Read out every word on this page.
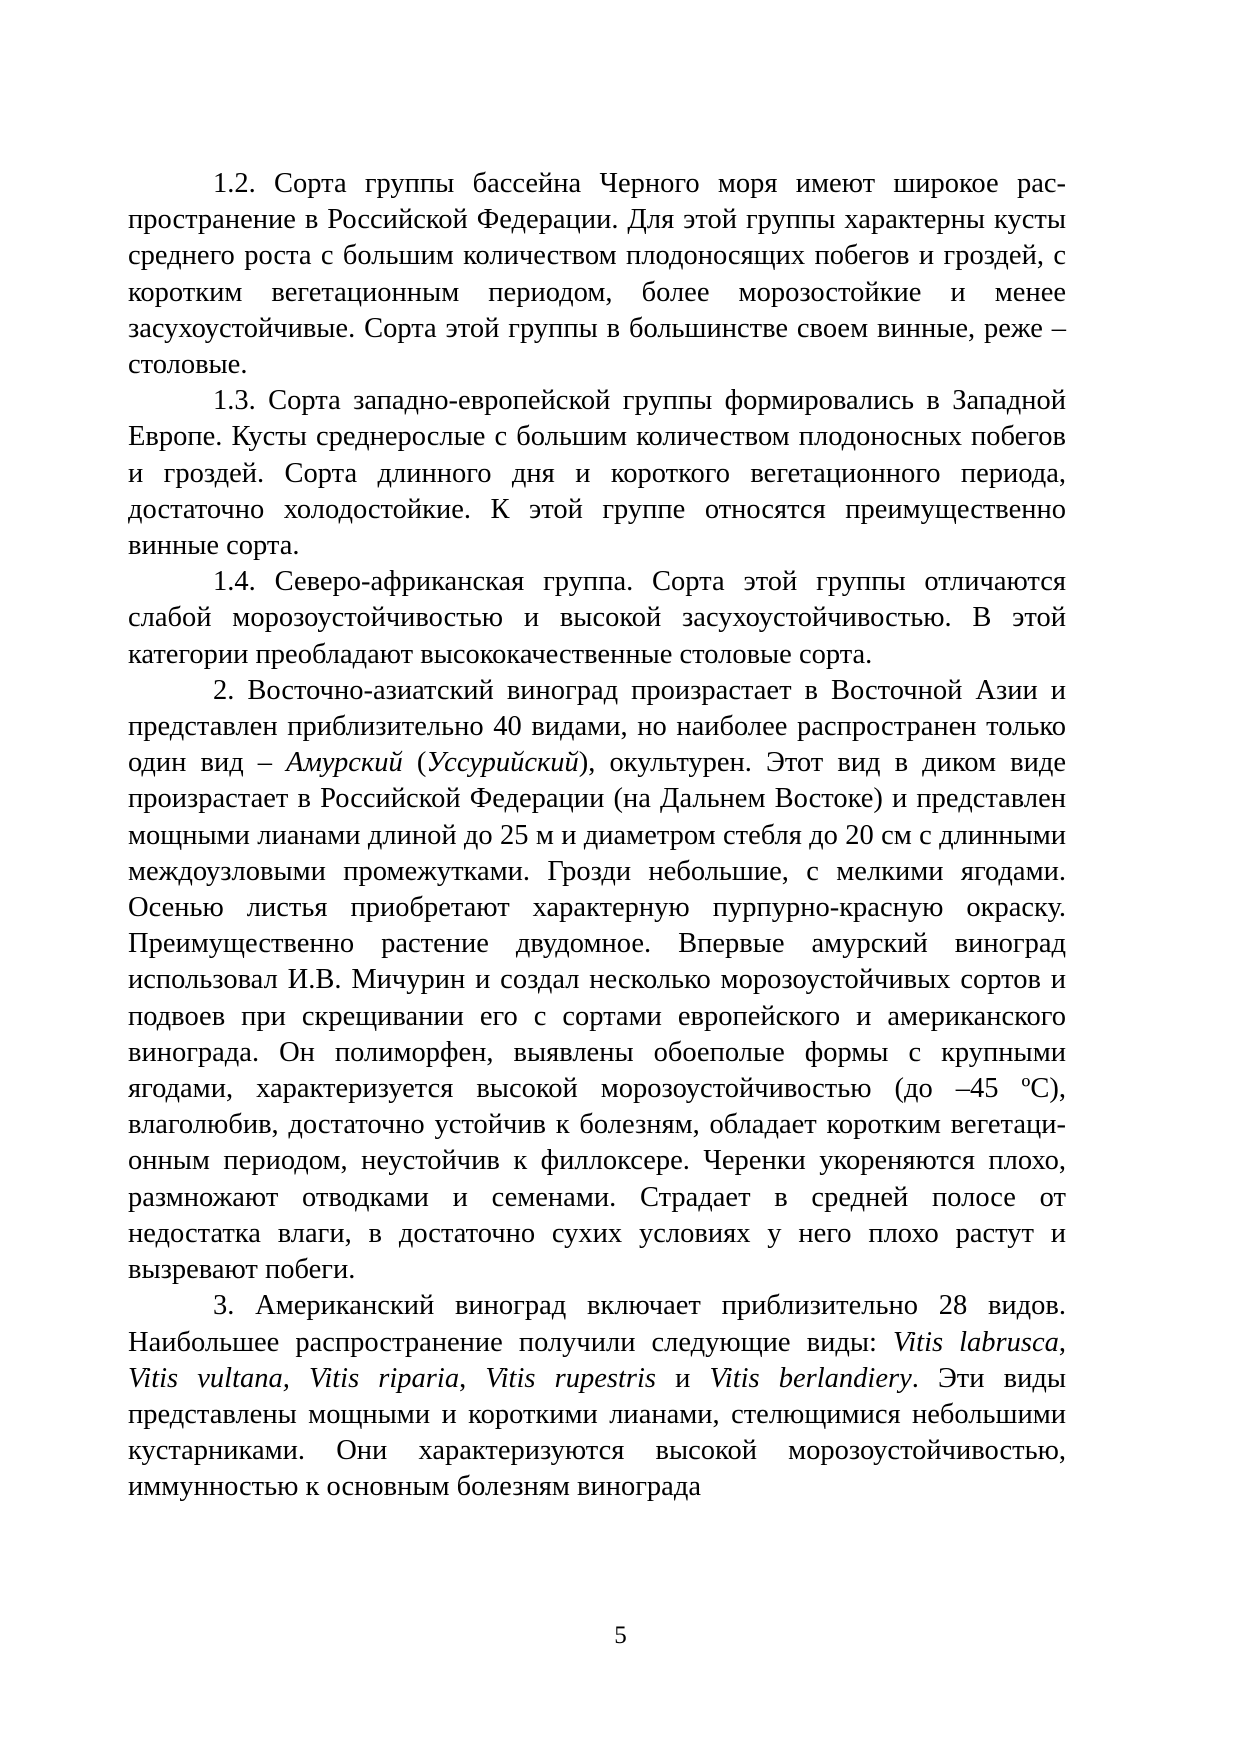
1.2. Сорта группы бассейна Черного моря имеют широкое распространение в Российской Федерации. Для этой группы характерны кусты среднего роста с большим количеством плодоносящих побегов и гроздей, с коротким вегетационным периодом, более морозостойкие и менее засухоустойчивые. Сорта этой группы в большинстве своем винные, реже – столовые.

1.3. Сорта западно-европейской группы формировались в Западной Европе. Кусты среднерослые с большим количеством плодоносных побегов и гроздей. Сорта длинного дня и короткого вегетационного периода, достаточно холодостойкие. К этой группе относятся преимущественно винные сорта.

1.4. Северо-африканская группа. Сорта этой группы отличаются слабой морозоустойчивостью и высокой засухоустойчивостью. В этой категории преобладают высококачественные столовые сорта.

2. Восточно-азиатский виноград произрастает в Восточной Азии и представлен приблизительно 40 видами, но наиболее распространен только один вид – Амурский (Уссурийский), окультурен. Этот вид в диком виде произрастает в Российской Федерации (на Дальнем Востоке) и представлен мощными лианами длиной до 25 м и диаметром стебля до 20 см с длинными междоузловыми промежутками. Грозди небольшие, с мелкими ягодами. Осенью листья приобретают характерную пурпурно-красную окраску. Преимущественно растение двудомное. Впервые амурский виноград использовал И.В. Мичурин и создал несколько морозоустойчивых сортов и подвоев при скрещивании его с сортами европейского и американского винограда. Он полиморфен, выявлены обоеполые формы с крупными ягодами, характеризуется высокой морозоустойчивостью (до –45 ºС), влаголюбив, достаточно устойчив к болезням, обладает коротким вегетационным периодом, неустойчив к филлоксере. Черенки укореняются плохо, размножают отводками и семенами. Страдает в средней полосе от недостатка влаги, в достаточно сухих условиях у него плохо растут и вызревают побеги.

3. Американский виноград включает приблизительно 28 видов. Наибольшее распространение получили следующие виды: Vitis labrusca, Vitis vultana, Vitis riparia, Vitis rupestris и Vitis berlandiery. Эти виды представлены мощными и короткими лианами, стелющимися небольшими кустарниками. Они характеризуются высокой морозоустойчивостью, иммунностью к основным болезням винограда

5
